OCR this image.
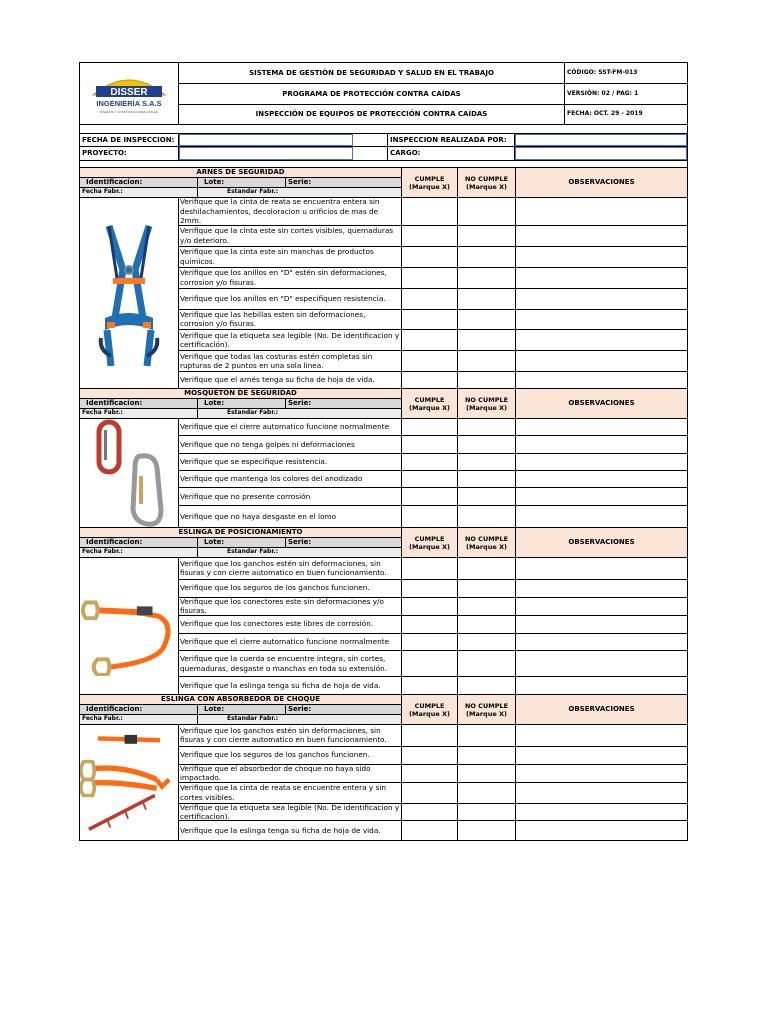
DISSER
INGENIERÍA S.A.S
DISEÑOS Y CONSTRUCCIONES CIVILES
SISTEMA DE GESTIÓN DE SEGURIDAD Y SALUD EN EL TRABAJO
PROGRAMA DE PROTECCIÓN CONTRA CAÍDAS
INSPECCIÓN DE EQUIPOS DE PROTECCIÓN CONTRA CAÍDAS
CÓDIGO: SST-FM-013
VERSIÓN: 02 / PAG: 1
FECHA: OCT. 29 - 2019
FECHA DE INSPECCION:	INSPECCION REALIZADA POR:
PROYECTO:	CARGO:
ARNES DE SEGURIDAD
Identificacion:	Lote:	Serie:
Fecha Fabr.:	Estandar Fabr.:
CUMPLE (Marque X)
NO CUMPLE (Marque X)
OBSERVACIONES
Verifique que la cinta de reata se encuentra entera sin deshilachamientos, decoloracion u orificios de mas de 2mm.
Verifique que la cinta este sin cortes visibles, quemaduras y/o deterioro.
Verifique que la cinta este sin manchas de productos químicos.
Verifique que los anillos en "D" estén sin deformaciones, corrosion y/o fisuras.
Verifique que los anillos en "D" especifiquen resistencia.
Verifique que las hebillas esten sin deformaciones, corrosion y/o fisuras.
Verifique que la etiqueta sea legible (No. De identificacion y certificación).
Verifique que todas las costuras estén completas sin rupturas de 2 puntos en una sola linea.
Verifique que el arnés tenga su ficha de hoja de vida.
MOSQUETÓN DE SEGURIDAD
Identificacion:	Lote:	Serie:
Fecha Fabr.:	Estandar Fabr.:
CUMPLE (Marque X)
NO CUMPLE (Marque X)
OBSERVACIONES
Verifique que el cierre automatico funcione normalmente
Verifique que no tenga golpes ni deformaciones
Verifique que se especifique resistencia.
Verifique que mantenga los colores del anodizado
Verifique que no presente corrosión
Verifique que no haya desgaste en el lomo
ESLINGA DE POSICIONAMIENTO
Identificacion:	Lote:	Serie:
Fecha Fabr.:	Estandar Fabr.:
CUMPLE (Marque X)
NO CUMPLE (Marque X)
OBSERVACIONES
Verifique que los ganchos estén sin deformaciones, sin fisuras y con cierre automatico en buen funcionamiento.
Verifique que los seguros de los ganchos funcionen.
Verifique que los conectores este sin deformaciones y/o fisuras.
Verifique que los conectores este libres de corrosión.
Verifique que el cierre automatico funcione normalmente
Verifique que la cuerda se encuentre íntegra, sin cortes, quemaduras, desgaste o manchas en toda su extensión.
Verifique que la eslinga tenga su ficha de hoja de vida.
ESLINGA CON ABSORBEDOR DE CHOQUE
Identificacion:	Lote:	Serie:
Fecha Fabr.:	Estandar Fabr.:
CUMPLE (Marque X)
NO CUMPLE (Marque X)
OBSERVACIONES
Verifique que los ganchos estén sin deformaciones, sin fisuras y con cierre automatico en buen funcionamiento.
Verifique que los seguros de los ganchos funcionen.
Verifique que el absorbedor de choque no haya sido impactado.
Verifique que la cinta de reata se encuentre entera y sin cortes visibles.
Verifique que la etiqueta sea legible (No. De identificacion y certificacion).
Verifique que la eslinga tenga su ficha de hoja de vida.
